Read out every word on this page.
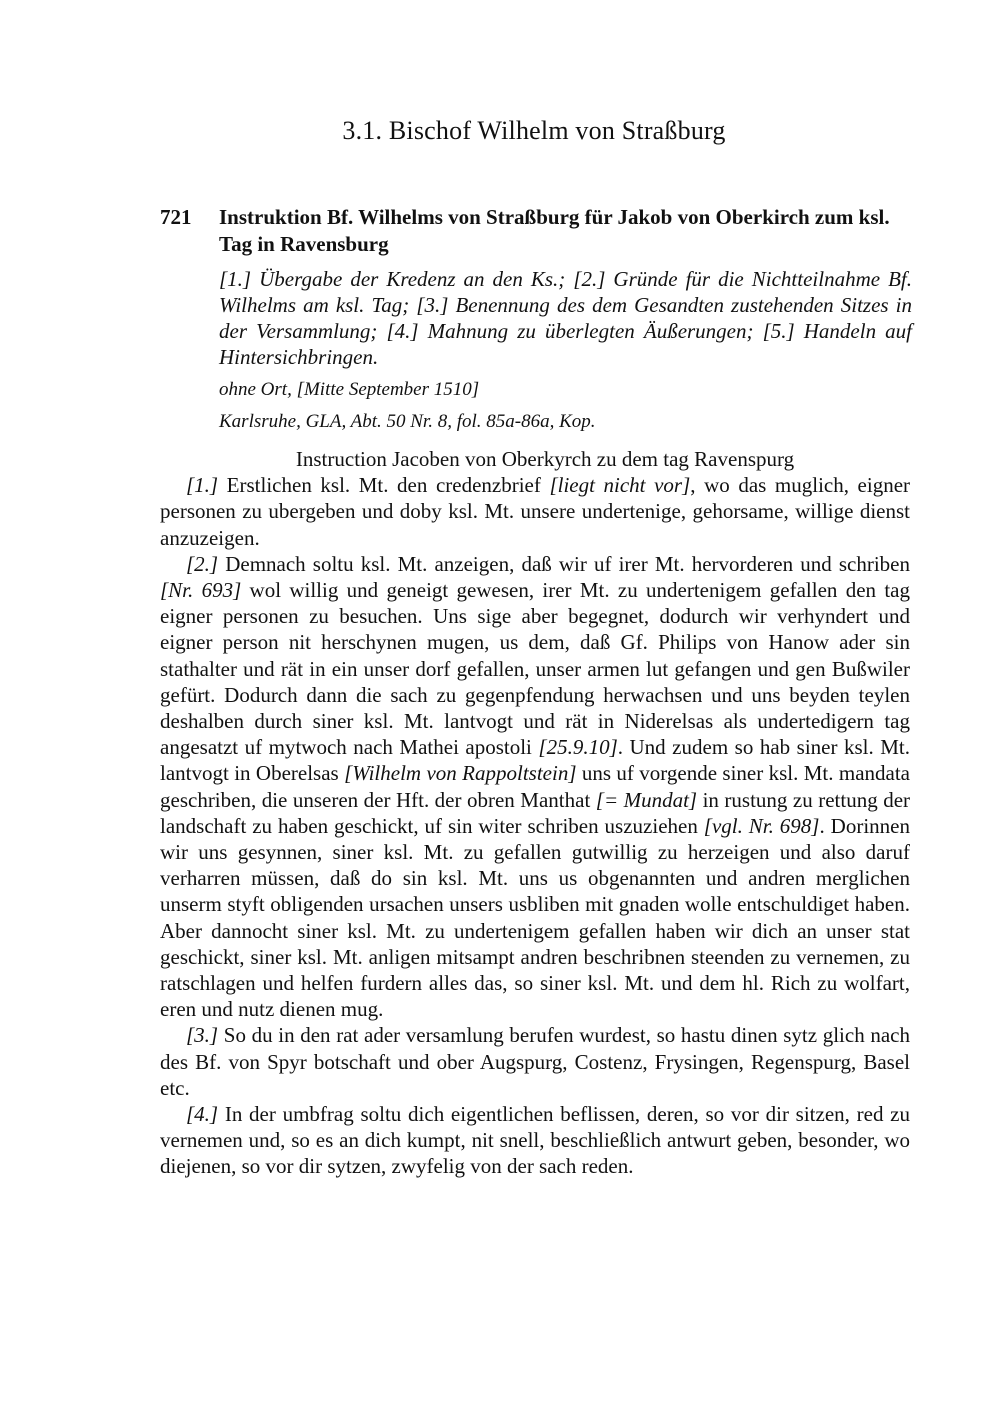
3.1. Bischof Wilhelm von Straßburg
721 Instruktion Bf. Wilhelms von Straßburg für Jakob von Oberkirch zum ksl. Tag in Ravensburg
[1.] Übergabe der Kredenz an den Ks.; [2.] Gründe für die Nichtteilnahme Bf. Wilhelms am ksl. Tag; [3.] Benennung des dem Gesandten zustehenden Sitzes in der Versammlung; [4.] Mahnung zu überlegten Äußerungen; [5.] Handeln auf Hintersichbringen.
ohne Ort, [Mitte September 1510]
Karlsruhe, GLA, Abt. 50 Nr. 8, fol. 85a-86a, Kop.
Instruction Jacoben von Oberkyrch zu dem tag Ravenspurg

[1.] Erstlichen ksl. Mt. den credenzbrief [liegt nicht vor], wo das muglich, eigner personen zu ubergeben und doby ksl. Mt. unsere undertenige, gehorsame, willige dienst anzuzeigen.

[2.] Demnach soltu ksl. Mt. anzeigen, daß wir uf irer Mt. hervorderen und schriben [Nr. 693] wol willig und geneigt gewesen, irer Mt. zu undertenigem gefallen den tag eigner personen zu besuchen. Uns sige aber begegnet, dodurch wir verhyndert und eigner person nit herschynen mugen, us dem, daß Gf. Philips von Hanow ader sin stathalter und rät in ein unser dorf gefallen, unser armen lut gefangen und gen Bußwiler gefürt. Dodurch dann die sach zu gegenpfendung herwachsen und uns beyden teylen deshalben durch siner ksl. Mt. lantvogt und rät in Niderelsas als undertedigern tag angesatzt uf mytwoch nach Mathei apostoli [25.9.10]. Und zudem so hab siner ksl. Mt. lantvogt in Oberelsas [Wilhelm von Rappoltstein] uns uf vorgende siner ksl. Mt. mandata geschriben, die unseren der Hft. der obren Manthat [= Mundat] in rustung zu rettung der landschaft zu haben geschickt, uf sin witer schriben uszuziehen [vgl. Nr. 698]. Dorinnen wir uns gesynnen, siner ksl. Mt. zu gefallen gutwillig zu herzeigen und also daruf verharren müssen, daß do sin ksl. Mt. uns us obgenannten und andren merglichen unserm styft obligenden ursachen unsers usbliben mit gnaden wolle entschuldiget haben. Aber dannocht siner ksl. Mt. zu undertenigem gefallen haben wir dich an unser stat geschickt, siner ksl. Mt. anligen mitsampt andren beschribnen steenden zu vernemen, zu ratschlagen und helfen furdern alles das, so siner ksl. Mt. und dem hl. Rich zu wolfart, eren und nutz dienen mug.

[3.] So du in den rat ader versamlung berufen wurdest, so hastu dinen sytz glich nach des Bf. von Spyr botschaft und ober Augspurg, Costenz, Frysingen, Regenspurg, Basel etc.

[4.] In der umbfrag soltu dich eigentlichen beflissen, deren, so vor dir sitzen, red zu vernemen und, so es an dich kumpt, nit snell, beschließlich antwurt geben, besonder, wo diejenen, so vor dir sytzen, zwyfelig von der sach reden.
